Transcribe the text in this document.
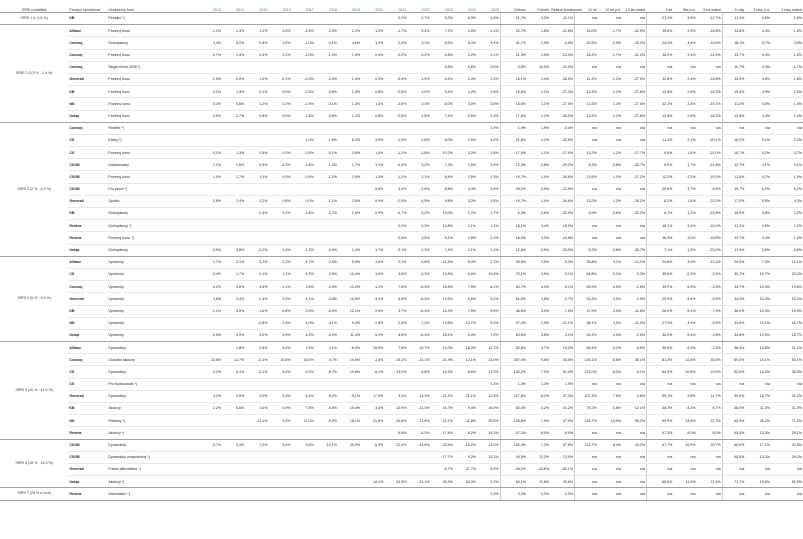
SRRI (volatilita)	Penzijní společnost	Účastnický fond	2013	2014	2015	2016	2017	2018	2019	2020	2021	2022	2023	2024	2025	Celkem	Průměr	Reálné zhodnocení	10 let	10 let p.a.	10 let reálně	5 let	5let p.a.	5 let reálně	3 roky	3 roky p.a.	3 roky reálně
SRRI 1 (< 0,5 %)	KB	Penzijní *)									0,2%	0,7%	5,3%	6,3%	4,3%	21,7%	3,3%	-11,1%	n/a	n/a	n/a	21,1%	3,9%	-12,7%	11,1%	4,6%	1,6%
SRRI 2 (0,5 % - 1,9 %)	Allianz	Povinný konz.	1,1%	1,3%	1,2%	0,0%	-1,6%	0,3%	2,2%	1,2%	-1,7%	3,4%	7,2%	4,0%	2,1%	22,7%	1,6%	-22,6%	16,0%	1,7%	-41,5%	15,6%	2,9%	-16,8%	13,8%	4,4%	1,0%
	Conseq	Dluhopisový	3,4%	5,0%	0,6%	1,6%	-1,0%	-0,1%	4,6%	1,2%	2,0%	3,1%	8,5%	5,4%	3,4%	41,7%	2,9%	-4,8%	32,5%	2,9%	-15,2%	24,3%	4,4%	-10,6%	18,1%	5,7%	4,9%
	Conseq	Povinný konz.	0,7%	1,4%	0,5%	0,1%	-1,0%	-1,0%	1,5%	0,4%	-0,2%	4,2%	6,6%	3,2%	2,1%	21,3%	1,5%	-23,3%	18,2%	1,7%	-41,2%	18,2%	3,4%	-14,9%	13,7%	4,4%	1,0%
	Conseq	Target Bond 2035 *)											5,6%	5,8%	0,0%	0,8%	16,0%	-10,0%	n/a	n/a	n/a	n/a	n/a	n/a	10,7%	3,4%	-1,7%
	Generali	Povinný konz.	2,5%	0,9%	1,0%	-0,1%	-0,3%	-0,3%	1,4%	0,3%	-3,4%	1,9%	8,2%	3,4%	2,3%	16,1%	1,4%	-26,0%	11,2%	1,2%	-27,0%	12,8%	2,4%	-18,8%	14,0%	4,5%	1,6%
	KB	Povinný konz.	0,1%	1,3%	0,1%	0,0%	-0,3%	-0,8%	1,5%	0,8%	-0,6%	1,0%	5,4%	4,2%	2,8%	15,5%	1,1%	-27,3%	13,3%	1,2%	-27,6%	13,6%	2,6%	-18,3%	15,4%	4,9%	2,5%
	NN	Povinný konz.	0,3%	0,6%	1,2%	0,2%	-1,9%	-0,1%	1,3%	1,4%	-3,6%	2,3%	8,0%	3,0%	2,6%	15,6%	1,1%	-27,0%	13,3%	1,3%	-27,6%	12,1%	2,4%	-19,1%	11,2%	4,5%	1,4%
	Uniqa	Povinný konz.	0,5%	2,7%	0,8%	0,0%	-1,4%	-0,8%	1,2%	0,8%	-0,6%	2,5%	7,4%	3,5%	2,4%	17,5%	1,2%	-26,0%	13,2%	1,2%	-27,6%	13,6%	2,6%	-18,2%	13,6%	4,4%	1,0%
SRRI 3 (2 % - 4,9 %)	Conseq	Realitní *)													1,9%	1,9%	1,9%	-0,4%	n/a	n/a	n/a	n/a	n/a	n/a	n/a	n/a	n/a
	CS	Etický *)					1,0%	-1,6%	8,2%	3,9%	-1,9%	-2,6%	8,0%	2,5%	4,0%	21,8%	2,2%	-20,5%	n/a	n/a	n/a	11,1%	2,1%	-20,1%	16,2%	5,1%	3,2%
	CS	Povinný konz.	0,1%	1,3%	0,6%	0,0%	-0,5%	-0,1%	2,6%	1,0%	-1,2%	-1,8%	10,2%	3,2%	2,8%	17,9%	1,1%	-27,0%	13,3%	1,2%	-27,7%	9,6%	1,8%	-21,0%	16,7%	5,2%	3,7%
	CSOB	Garantovaný	1,1%	1,6%	0,9%	-0,3%	-1,4%	-1,2%	1,7%	1,1%	-4,5%	1,2%	7,3%	2,6%	2,4%	12,3%	0,8%	-29,2%	8,3%	0,8%	-30,7%	9,0%	1,7%	-21,6%	12,7%	4,1%	0,1%
	CSOB	Povinný konz.	1,0%	2,7%	1,4%	0,0%	-0,9%	-1,2%	2,9%	1,3%	-1,2%	2,1%	8,4%	2,5%	2,3%	19,7%	1,4%	-24,6%	13,6%	1,3%	-27,2%	12,2%	2,3%	-19,3%	11,8%	4,7%	1,9%
	CSOB	Pro penzi *)								0,6%	3,4%	-1,6%	8,8%	4,4%	2,6%	26,0%	4,0%	-10,9%	n/a	n/a	n/a	25,8%	4,7%	-9,5%	19,7%	6,2%	5,2%
	Generali	Spořicí	2,8%	2,4%	1,2%	0,8%	0,0%	-1,1%	3,5%	0,9%	-0,5%	-4,5%	9,8%	3,3%	3,5%	19,7%	1,4%	-24,6%	13,2%	1,2%	-28,2%	8,2%	1,6%	-22,2%	17,4%	5,5%	4,3%
	KB	Dluhopisový			0,4%	0,1%	-1,4%	-2,7%	2,5%	0,9%	-4,7%	-3,2%	10,0%	2,2%	1,7%	6,3%	0,6%	-32,0%	5,9%	0,6%	-32,2%	6,1%	1,2%	-23,8%	15,0%	4,8%	2,2%
	Rentea	Dluhopisový *)									0,2%	3,2%	10,8%	2,1%	1,1%	18,1%	3,4%	-15,0%	n/a	n/a	n/a	18,1%	3,4%	-15,0%	11,2%	4,6%	1,2%
	Rentea	Povinný konz. *)									-0,6%	3,5%	8,1%	2,8%	2,2%	16,9%	3,2%	-15,8%	n/a	n/a	n/a	16,9%	3,2%	-15,8%	13,7%	4,4%	1,0%
	Uniqa	Dluhopisový	0,5%	3,6%	-0,2%	0,4%	-1,3%	-0,9%	1,4%	1,7%	-3,1%	-1,3%	7,4%	2,1%	2,1%	12,6%	0,9%	-29,0%	8,3%	0,8%	-30,7%	7,1%	1,4%	-23,0%	11,9%	3,8%	-0,6%
SRRI 4 (5 % - 9,9 %)	Allianz	Vyvážený	1,7%	2,1%	3,2%	2,2%	4,7%	-3,6%	9,9%	1,6%	2,1%	-4,6%	11,5%	8,4%	2,1%	45,5%	2,9%	-0,3%	35,8%	3,1%	-13,1%	20,8%	3,9%	-13,1%	24,0%	7,4%	10,1%
	CS	Vyvážený	0,4%	1,7%	0,1%	1,1%	4,3%	-3,5%	10,4%	1,6%	4,6%	-4,3%	13,5%	6,0%	10,8%	70,1%	3,9%	9,1%	64,8%	5,1%	5,3%	35,8%	6,3%	-2,2%	30,7%	10,7%	20,2%
	Conseq	Vyvážený	4,2%	3,6%	3,5%	2,1%	2,6%	-3,9%	13,0%	4,2%	7,6%	-6,3%	15,8%	7,5%	8,1%	83,7%	4,4%	5,1%	55,9%	4,5%	-2,6%	39,2%	6,9%	-3,3%	34,7%	10,4%	19,6%
	Generali	Vyvážený	3,6%	2,4%	0,4%	3,3%	4,1%	-3,8%	10,5%	3,1%	5,5%	-6,4%	14,5%	8,6%	9,2%	61,9%	3,8%	2,7%	51,8%	4,3%	-2,9%	29,9%	5,4%	-9,9%	34,0%	10,3%	19,2%
	KB	Vyvážený	1,1%	3,5%	1,6%	-0,8%	2,9%	-6,0%	12,1%	2,5%	3,7%	-6,3%	14,3%	7,5%	9,6%	46,6%	3,0%	-7,6%	37,9%	3,3%	-11,8%	26,0%	5,1%	-7,9%	36,0%	10,4%	19,5%
	NN	Vyvážený			-0,5%	2,4%	4,0%	-4,1%	9,4%	2,8%	2,5%	-7,3%	14,6%	10,7%	5,3%	37,4%	2,9%	-12,1%	36,1%	3,3%	-11,0%	27,0%	4,9%	-9,9%	33,6%	10,1%	16,7%
	Uniqa	Vyvážený	0,5%	4,9%	3,0%	0,9%	4,2%	-4,2%	11,3%	5,2%	6,5%	-6,3%	15,1%	9,4%	7,0%	63,6%	3,8%	3,1%	52,2%	4,3%	-2,6%	30,2%	5,4%	-3,6%	34,8%	10,5%	18,7%
SRRI 5 (10 % - 14,9 %)	Allianz	Dynamický		1,8%	2,6%	5,0%	1,5%	4,1%	-6,9%	15,6%	7,6%	10,7%	-10,0%	16,0%	11,7%	82,8%	4,7%	15,2%	66,4%	5,2%	6,5%	35,6%	6,3%	-2,3%	36,4%	10,8%	21,1%
	Conseq	Globální akciový	16,5%	12,7%	-0,1%	10,8%	10,0%	-9,7%	19,9%	2,4%	23,3%	-13,1%	21,9%	12,1%	23,0%	207,0%	9,0%	93,5%	126,1%	8,6%	45,1%	81,3%	12,6%	30,5%	69,0%	19,1%	50,1%
	CS	Dynamický	0,2%	6,1%	-0,1%	5,0%	9,2%	-8,7%	19,6%	6,1%	13,0%	-4,8%	19,3%	8,6%	17,0%	140,2%	7,0%	51,4%	123,0%	8,3%	-0,1%	64,5%	10,5%	19,0%	52,0%	15,2%	35,9%
	CS	Pro budoucnost *)													1,3%	1,3%	1,3%	1,9%	n/a	n/a	n/a	n/a	n/a	n/a	n/a	n/a	n/a
	Generali	Dynamický	3,2%	2,0%	4,0%	3,0%	6,4%	8,2%	-9,1%	17,9%	3,4%	13,1%	-11,2%	21,1%	12,9%	117,8%	6,2%	37,3%	107,3%	7,6%	-2,6%	59,1%	9,8%	11,7%	39,0%	16,7%	41,2%
	KB	Akciový	2,2%	5,8%	1,6%	0,9%	7,5%	-9,5%	15,4%	3,4%	12,9%	-11,3%	16,7%	9,4%	16,0%	82,4%	5,2%	21,2%	75,2%	5,8%	12,1%	48,3%	8,2%	6,7%	48,0%	11,0%	31,0%
	NN	Růstový *)			-11,1%	9,3%	11,0%	-9,2%	18,1%	21,8%	-10,6%	21,8%	21,1%	11,8%	25,9%	139,8%	7,9%	47,0%	139,7%	10,0%	59,2%	99,5%	14,8%	37,2%	60,3%	25,2%	71,3%
	Rentea	Akciový *)									6,8%	-5,2%	17,4%	8,2%	14,3%	47,3%	8,0%	8,0%	n/a	n/a	n/a	47,3%	8,0%	8,0%	45,4%	13,3%	29,1%
SRRI 6 (15 % - 24,9 %)	CSOB	Dynamický	0,7%	3,3%	7,0%	5,4%	5,5%	-10,1%	25,3%	6,3%	22,4%	-14,6%	23,4%	16,2%	12,0%	150,4%	7,3%	57,8%	123,7%	8,4%	43,2%	67,7%	10,9%	20,7%	60,5%	17,1%	42,5%
	CSOB	Dynamický zodpovědný *)											17,7%	9,2%	13,2%	45,5%	13,2%	13,0%	n/a	n/a	n/a	n/a	n/a	n/a	45,5%	13,2%	29,0%
	Generali	Future alternativní *)											-6,7%	-37,7%	-5,9%	-45,0%	-24,8%	-52,1%	n/a	n/a	n/a	n/a	n/a	n/a	n/a	n/a	n/a
	Uniqa	Akciový *)								14,1%	24,5%	-21,1%	26,9%	20,3%	2,2%	60,1%	11,6%	33,6%	n/a	n/a	n/a	66,6%	11,0%	21,4%	71,7%	19,6%	52,5%
SRRI 7 (25 % a více)	Rentea	Alternativní *)													0,3%	0,3%	0,3%	-2,0%	n/a	n/a	n/a	n/a	n/a	n/a	n/a	n/a	n/a
